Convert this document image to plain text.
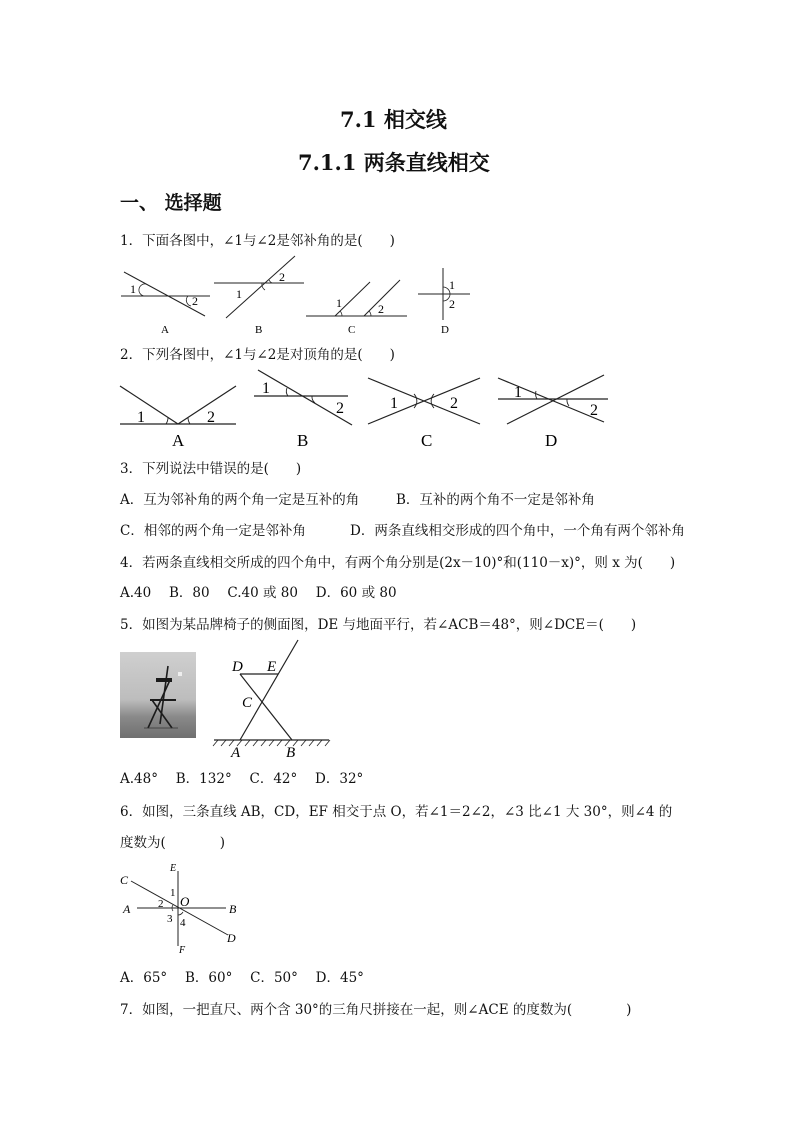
7.1 相交线
7.1.1 两条直线相交
一、 选择题
1．下面各图中，∠1与∠2是邻补角的是(　　)
1
2	1
2
1	2
1
2
A	B	C	D
2．下列各图中，∠1与∠2是对顶角的是(　　)
1	2
1
2	1	2
1
2
A	B	C	D
3．下列说法中错误的是(　　)
A．互为邻补角的两个角一定是互补的角	B．互补的两个角不一定是邻补角
C．相邻的两个角一定是邻补角	D．两条直线相交形成的四个角中，一个角有两个邻补角
4．若两条直线相交所成的四个角中，有两个角分别是(2x－10)°和(110－x)°，则 x 为(　　)
A.40　 B．80　 C.40 或 80　 D．60 或 80
5．如图为某品牌椅子的侧面图，DE 与地面平行，若∠ACB＝48°，则∠DCE＝(　　)
D E
C
A	B
A.48°　 B．132°　 C．42°　 D．32°
6．如图，三条直线 AB，CD，EF 相交于点 O，若∠1＝2∠2，∠3 比∠1 大 30°，则∠4 的
度数为(　　　　)
E
C
A	O	B
D
F
1
2
3 4
A．65°　 B．60°　 C．50°　 D．45°
7．如图，一把直尺、两个含 30°的三角尺拼接在一起，则∠ACE 的度数为(　　　　)
